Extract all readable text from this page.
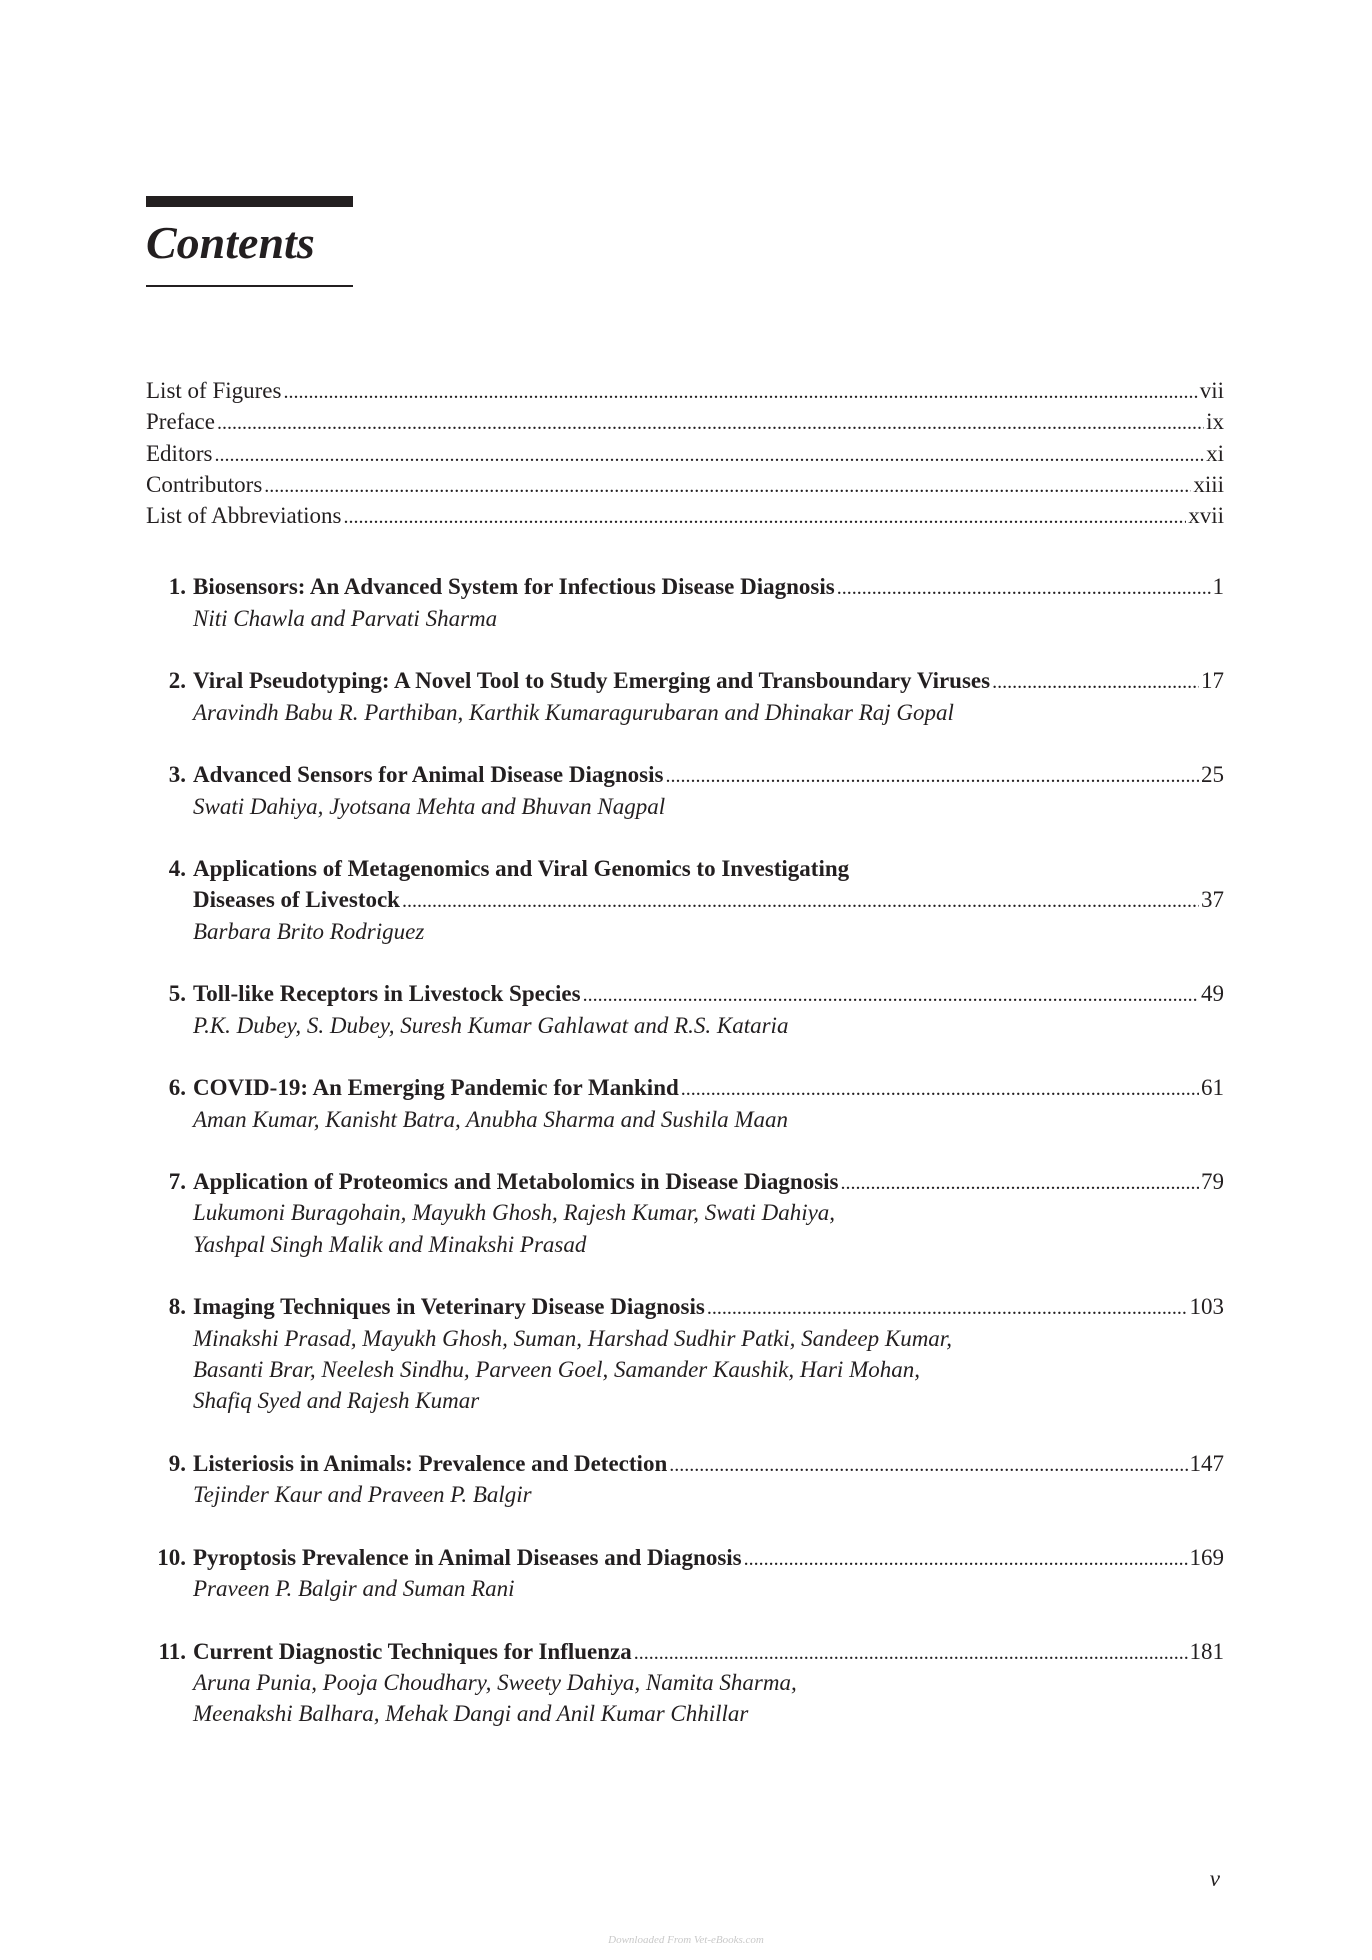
Contents
List of Figures . . .	vii
Preface . . .	ix
Editors . . .	xi
Contributors . . .	xiii
List of Abbreviations . . .	xvii
1. Biosensors: An Advanced System for Infectious Disease Diagnosis . . .	1
Niti Chawla and Parvati Sharma
2. Viral Pseudotyping: A Novel Tool to Study Emerging and Transboundary Viruses . . .	17
Aravindh Babu R. Parthiban, Karthik Kumaragurubaran and Dhinakar Raj Gopal
3. Advanced Sensors for Animal Disease Diagnosis . . .	25
Swati Dahiya, Jyotsana Mehta and Bhuvan Nagpal
4. Applications of Metagenomics and Viral Genomics to Investigating
Diseases of Livestock . . .	37
Barbara Brito Rodriguez
5. Toll-like Receptors in Livestock Species . . .	49
P.K. Dubey, S. Dubey, Suresh Kumar Gahlawat and R.S. Kataria
6. COVID-19: An Emerging Pandemic for Mankind . . .	61
Aman Kumar, Kanisht Batra, Anubha Sharma and Sushila Maan
7. Application of Proteomics and Metabolomics in Disease Diagnosis . . .	79
Lukumoni Buragohain, Mayukh Ghosh, Rajesh Kumar, Swati Dahiya,
Yashpal Singh Malik and Minakshi Prasad
8. Imaging Techniques in Veterinary Disease Diagnosis . . .	103
Minakshi Prasad, Mayukh Ghosh, Suman, Harshad Sudhir Patki, Sandeep Kumar,
Basanti Brar, Neelesh Sindhu, Parveen Goel, Samander Kaushik, Hari Mohan,
Shafiq Syed and Rajesh Kumar
9. Listeriosis in Animals: Prevalence and Detection . . .	147
Tejinder Kaur and Praveen P. Balgir
10. Pyroptosis Prevalence in Animal Diseases and Diagnosis . . .	169
Praveen P. Balgir and Suman Rani
11. Current Diagnostic Techniques for Influenza . . .	181
Aruna Punia, Pooja Choudhary, Sweety Dahiya, Namita Sharma,
Meenakshi Balhara, Mehak Dangi and Anil Kumar Chhillar
v
Downloaded From Vet-eBooks.com
